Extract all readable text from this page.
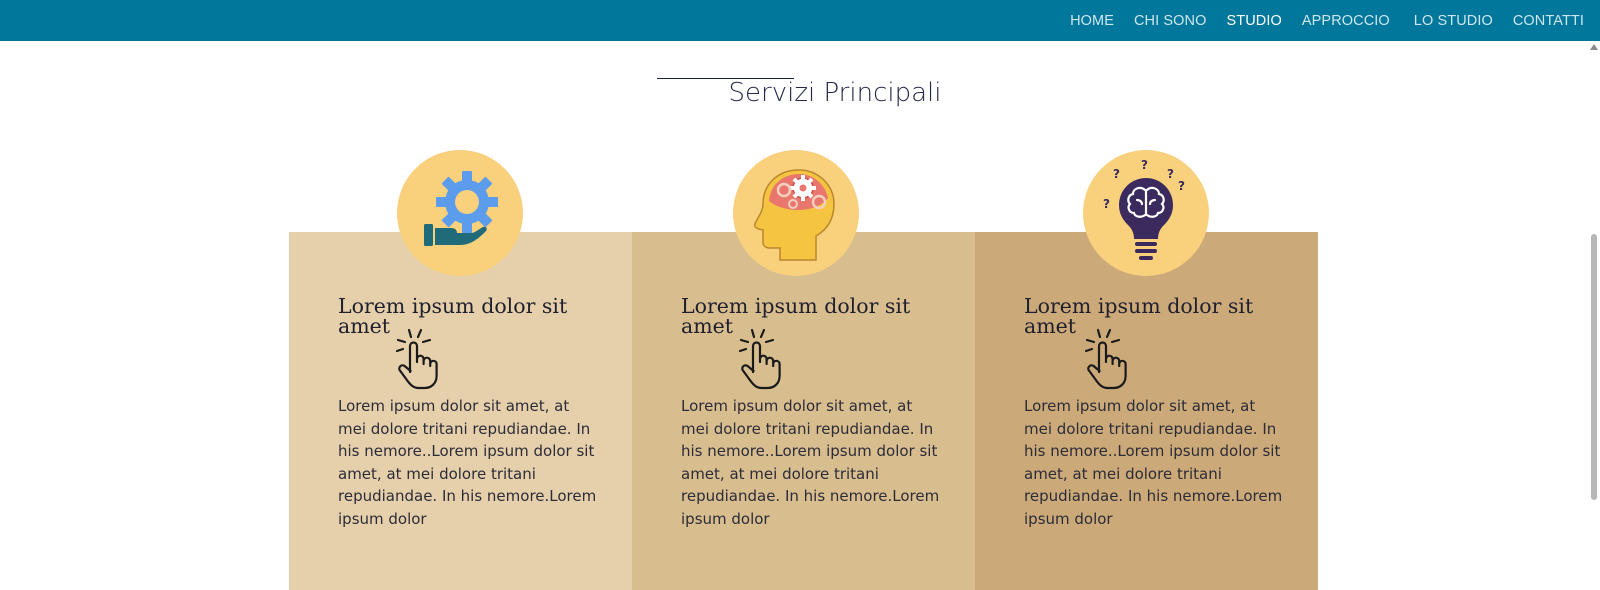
HOME CHI SONO STUDIO APPROCCIO LO STUDIO CONTATTI
Servizi Principali
Lorem ipsum dolor sit amet
Lorem ipsum dolor sit amet, at mei dolore tritani repudiandae. In his nemore..Lorem ipsum dolor sit amet, at mei dolore tritani repudiandae. In his nemore.Lorem ipsum dolor
Lorem ipsum dolor sit amet
Lorem ipsum dolor sit amet, at mei dolore tritani repudiandae. In his nemore..Lorem ipsum dolor sit amet, at mei dolore tritani repudiandae. In his nemore.Lorem ipsum dolor
Lorem ipsum dolor sit amet
Lorem ipsum dolor sit amet, at mei dolore tritani repudiandae. In his nemore..Lorem ipsum dolor sit amet, at mei dolore tritani repudiandae. In his nemore.Lorem ipsum dolor
?
?	?
?
?
